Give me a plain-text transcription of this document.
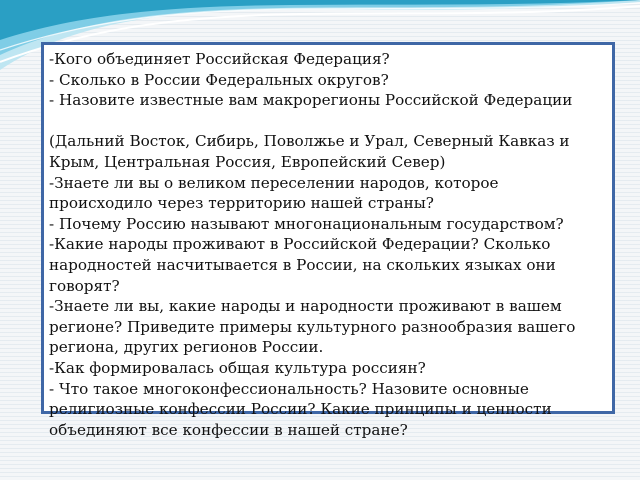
-Кого объединяет Российская Федерация?
- Сколько в России Федеральных округов?
- Назовите известные вам макрорегионы Российской Федерации
(Дальний Восток, Сибирь, Поволжье и Урал, Северный Кавказ и
Крым, Центральная Россия, Европейский Север)
-Знаете ли вы о великом переселении народов, которое
происходило через территорию нашей страны?
- Почему Россию называют многонациональным государством?
-Какие народы проживают в Российской Федерации? Сколько
народностей насчитывается в России, на скольких языках они
говорят?
-Знаете ли вы, какие народы и народности проживают в вашем
регионе? Приведите примеры культурного разнообразия вашего
региона, других регионов России.
-Как формировалась общая культура россиян?
- Что такое многоконфессиональность? Назовите основные
религиозные конфессии России? Какие принципы и ценности
объединяют все конфессии в нашей стране?
